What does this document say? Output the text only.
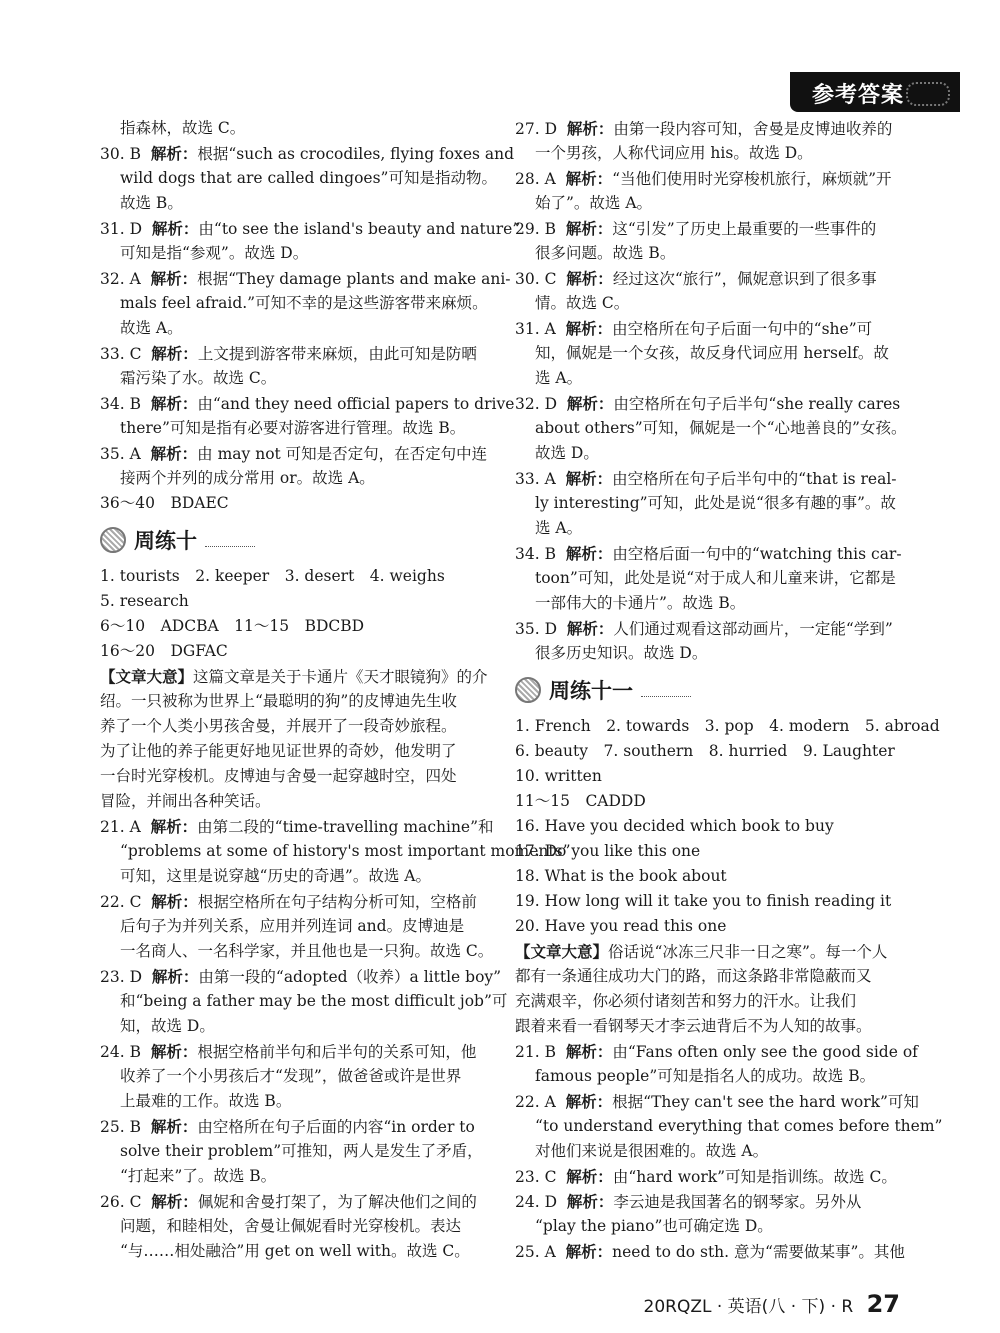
参考答案
指森林，故选 C。
30. B 解析：根据“such as crocodiles, flying foxes and
wild dogs that are called dingoes”可知是指动物。
故选 B。
31. D 解析：由“to see the island's beauty and nature”
可知是指“参观”。故选 D。
32. A 解析：根据“They damage plants and make ani-
mals feel afraid.”可知不幸的是这些游客带来麻烦。
故选 A。
33. C 解析：上文提到游客带来麻烦，由此可知是防晒
霜污染了水。故选 C。
34. B 解析：由“and they need official papers to drive
there”可知是指有必要对游客进行管理。故选 B。
35. A 解析：由 may not 可知是否定句，在否定句中连
接两个并列的成分常用 or。故选 A。
36～40　BDAEC
周练十
1. tourists　2. keeper　3. desert　4. weighs
5. research
6～10　ADCBA　11～15　BDCBD
16～20　DGFAC
【文章大意】这篇文章是关于卡通片《天才眼镜狗》的介
绍。一只被称为世界上“最聪明的狗”的皮博迪先生收
养了一个人类小男孩舍曼，并展开了一段奇妙旅程。
为了让他的养子能更好地见证世界的奇妙，他发明了
一台时光穿梭机。皮博迪与舍曼一起穿越时空，四处
冒险，并闹出各种笑话。
21. A 解析：由第二段的“time-travelling machine”和
“problems at some of history's most important moments”
可知，这里是说穿越“历史的奇遇”。故选 A。
22. C 解析：根据空格所在句子结构分析可知，空格前
后句子为并列关系，应用并列连词 and。皮博迪是
一名商人、一名科学家，并且他也是一只狗。故选 C。
23. D 解析：由第一段的“adopted（收养）a little boy”
和“being a father may be the most difficult job”可
知，故选 D。
24. B 解析：根据空格前半句和后半句的关系可知，他
收养了一个小男孩后才“发现”，做爸爸或许是世界
上最难的工作。故选 B。
25. B 解析：由空格所在句子后面的内容“in order to
solve their problem”可推知，两人是发生了矛盾，
“打起来”了。故选 B。
26. C 解析：佩妮和舍曼打架了，为了解决他们之间的
问题，和睦相处，舍曼让佩妮看时光穿梭机。表达
“与……相处融洽”用 get on well with。故选 C。
27. D 解析：由第一段内容可知，舍曼是皮博迪收养的
一个男孩，人称代词应用 his。故选 D。
28. A 解析：“当他们使用时光穿梭机旅行，麻烦就”开
始了”。故选 A。
29. B 解析：这“引发”了历史上最重要的一些事件的
很多问题。故选 B。
30. C 解析：经过这次“旅行”，佩妮意识到了很多事
情。故选 C。
31. A 解析：由空格所在句子后面一句中的“she”可
知，佩妮是一个女孩，故反身代词应用 herself。故
选 A。
32. D 解析：由空格所在句子后半句“she really cares
about others”可知，佩妮是一个“心地善良的”女孩。
故选 D。
33. A 解析：由空格所在句子后半句中的“that is real-
ly interesting”可知，此处是说“很多有趣的事”。故
选 A。
34. B 解析：由空格后面一句中的“watching this car-
toon”可知，此处是说“对于成人和儿童来讲，它都是
一部伟大的卡通片”。故选 B。
35. D 解析：人们通过观看这部动画片，一定能“学到”
很多历史知识。故选 D。
周练十一
1. French　2. towards　3. pop　4. modern　5. abroad
6. beauty　7. southern　8. hurried　9. Laughter
10. written
11～15　CADDD
16. Have you decided which book to buy
17. Do you like this one
18. What is the book about
19. How long will it take you to finish reading it
20. Have you read this one
【文章大意】俗话说“冰冻三尺非一日之寒”。每一个人
都有一条通往成功大门的路，而这条路非常隐蔽而又
充满艰辛，你必须付诸刻苦和努力的汗水。让我们
跟着来看一看钢琴天才李云迪背后不为人知的故事。
21. B 解析：由“Fans often only see the good side of
famous people”可知是指名人的成功。故选 B。
22. A 解析：根据“They can't see the hard work”可知
“to understand everything that comes before them”
对他们来说是很困难的。故选 A。
23. C 解析：由“hard work”可知是指训练。故选 C。
24. D 解析：李云迪是我国著名的钢琴家。另外从
“play the piano”也可确定选 D。
25. A 解析：need to do sth. 意为“需要做某事”。其他
20RQZL · 英语(八 · 下) · R 27
